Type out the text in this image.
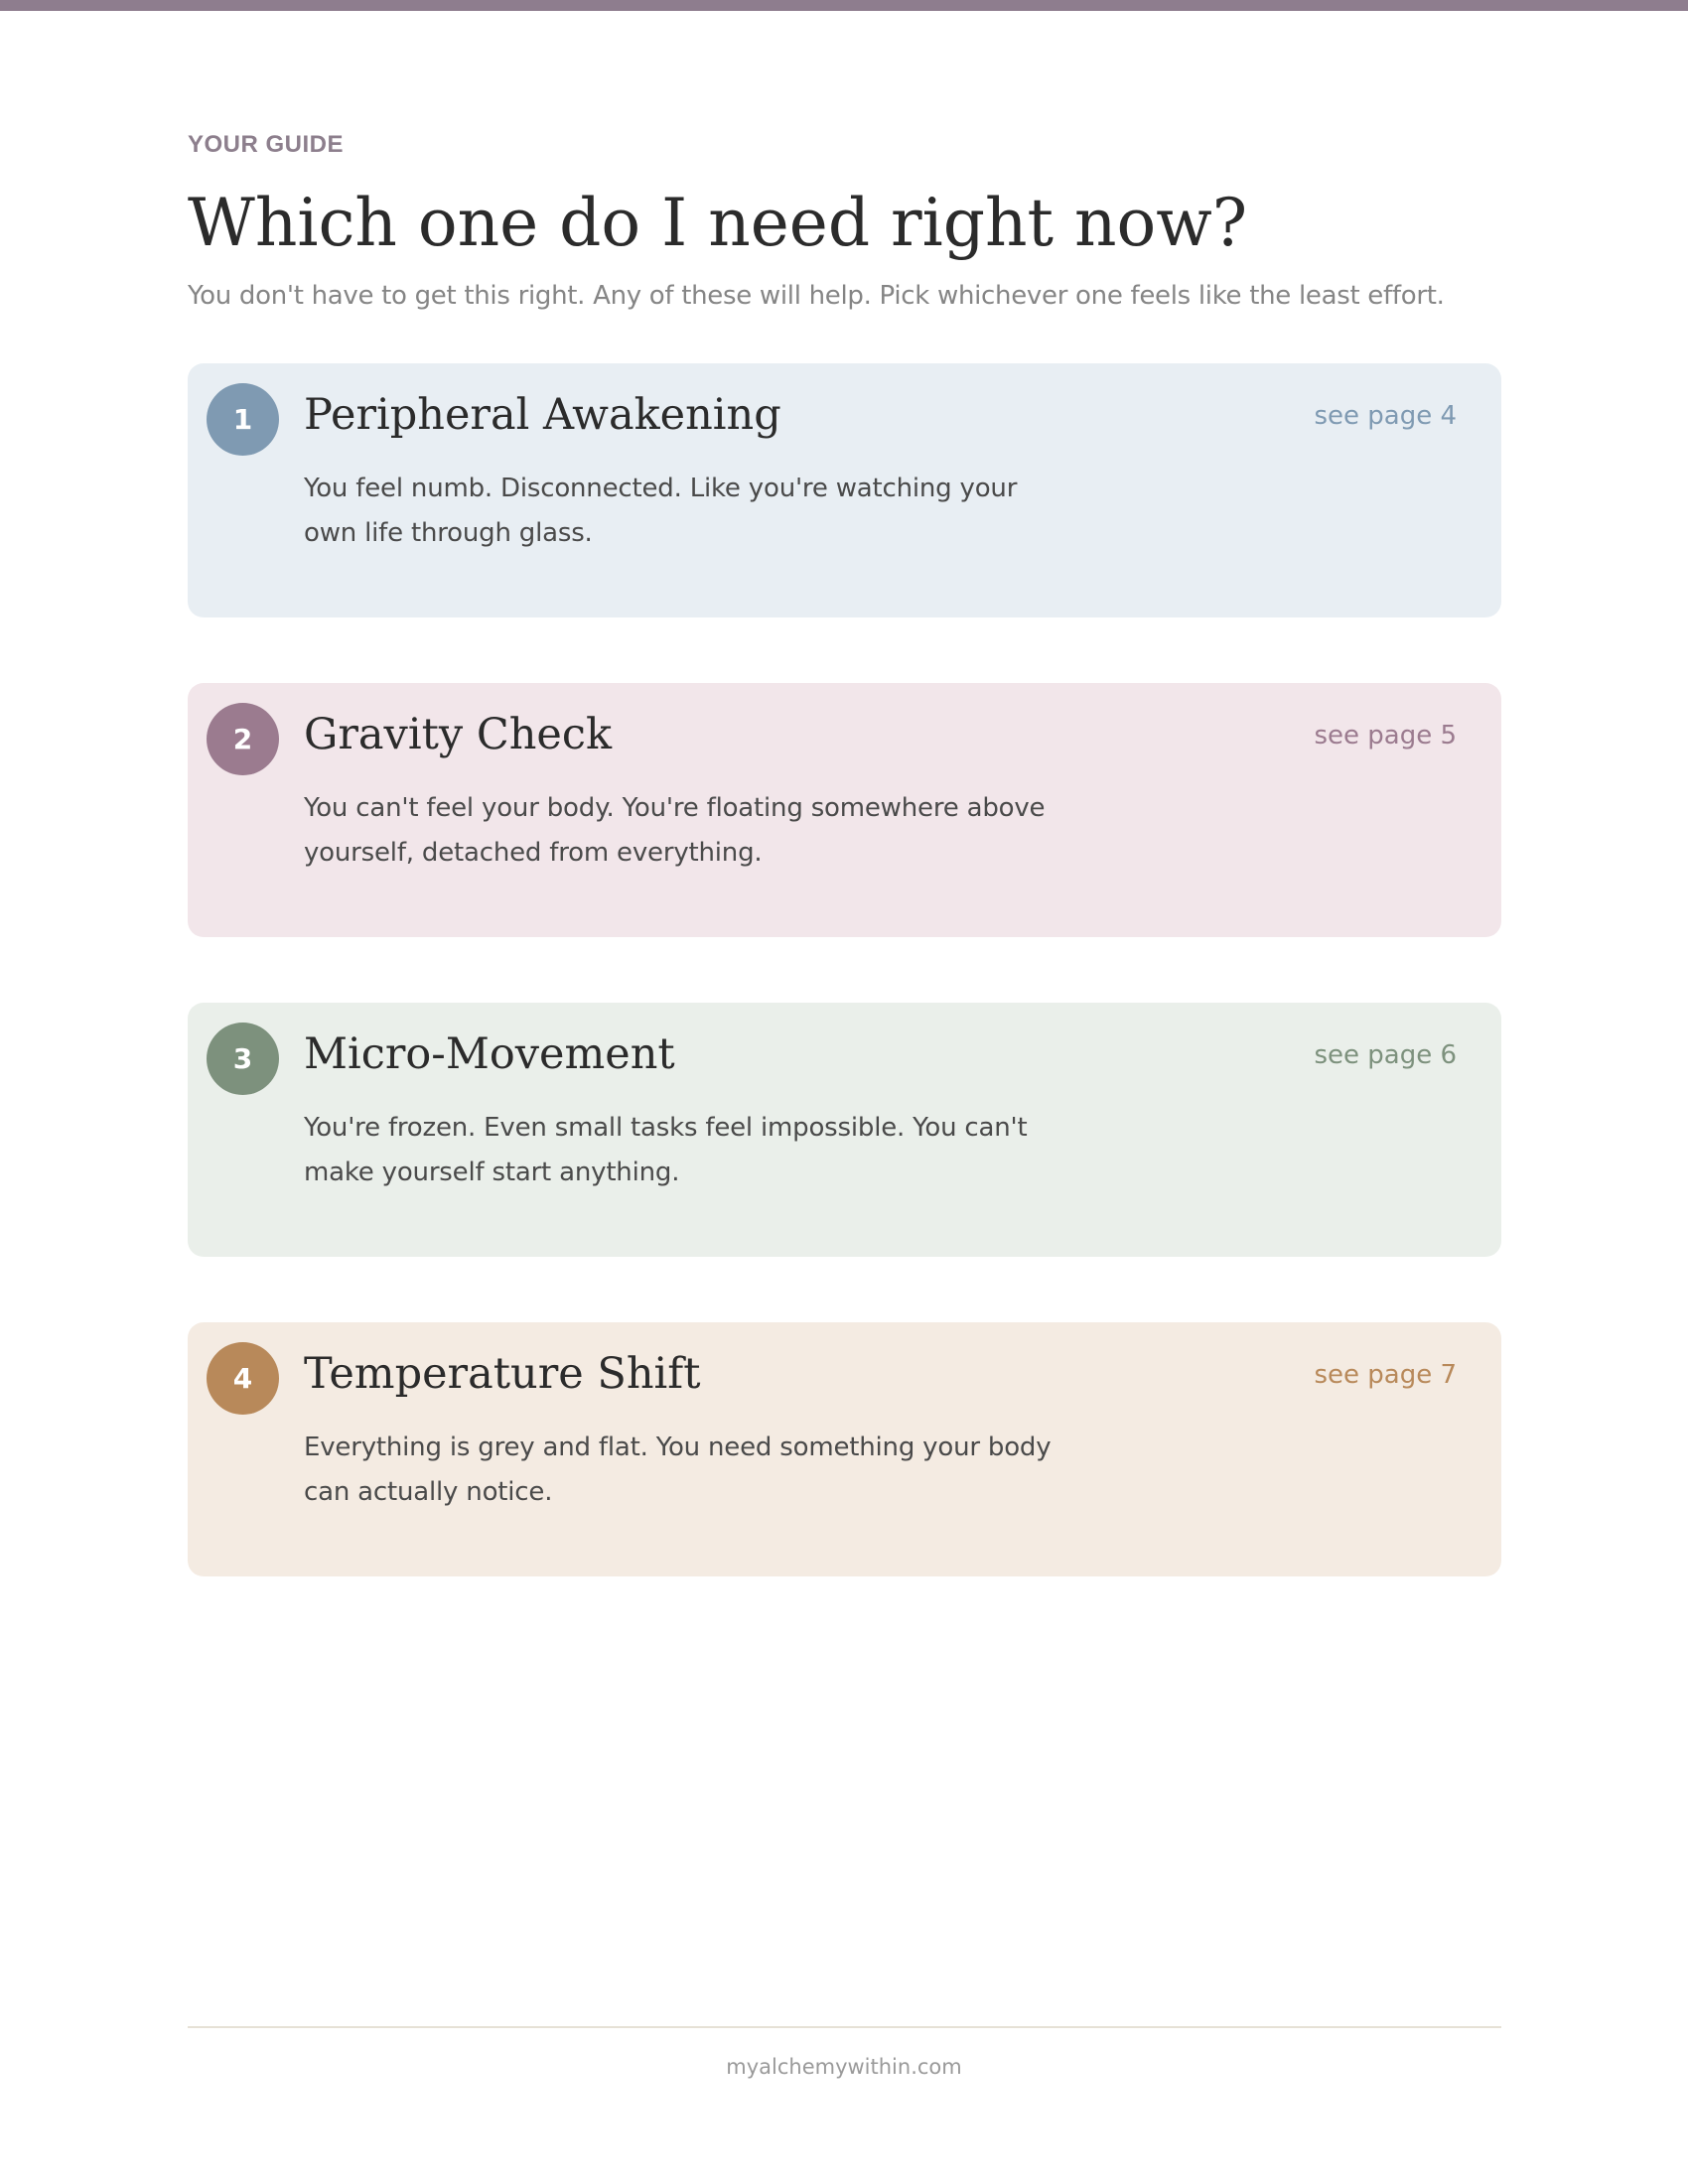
YOUR GUIDE
Which one do I need right now?
You don't have to get this right. Any of these will help. Pick whichever one feels like the least effort.
1	Peripheral Awakening	see page 4

You feel numb. Disconnected. Like you're watching your own life through glass.

2	Gravity Check	see page 5

You can't feel your body. You're floating somewhere above yourself, detached from everything.

3	Micro-Movement	see page 6

You're frozen. Even small tasks feel impossible. You can't make yourself start anything.

4	Temperature Shift	see page 7

Everything is grey and flat. You need something your body can actually notice.

myalchemywithin.com
